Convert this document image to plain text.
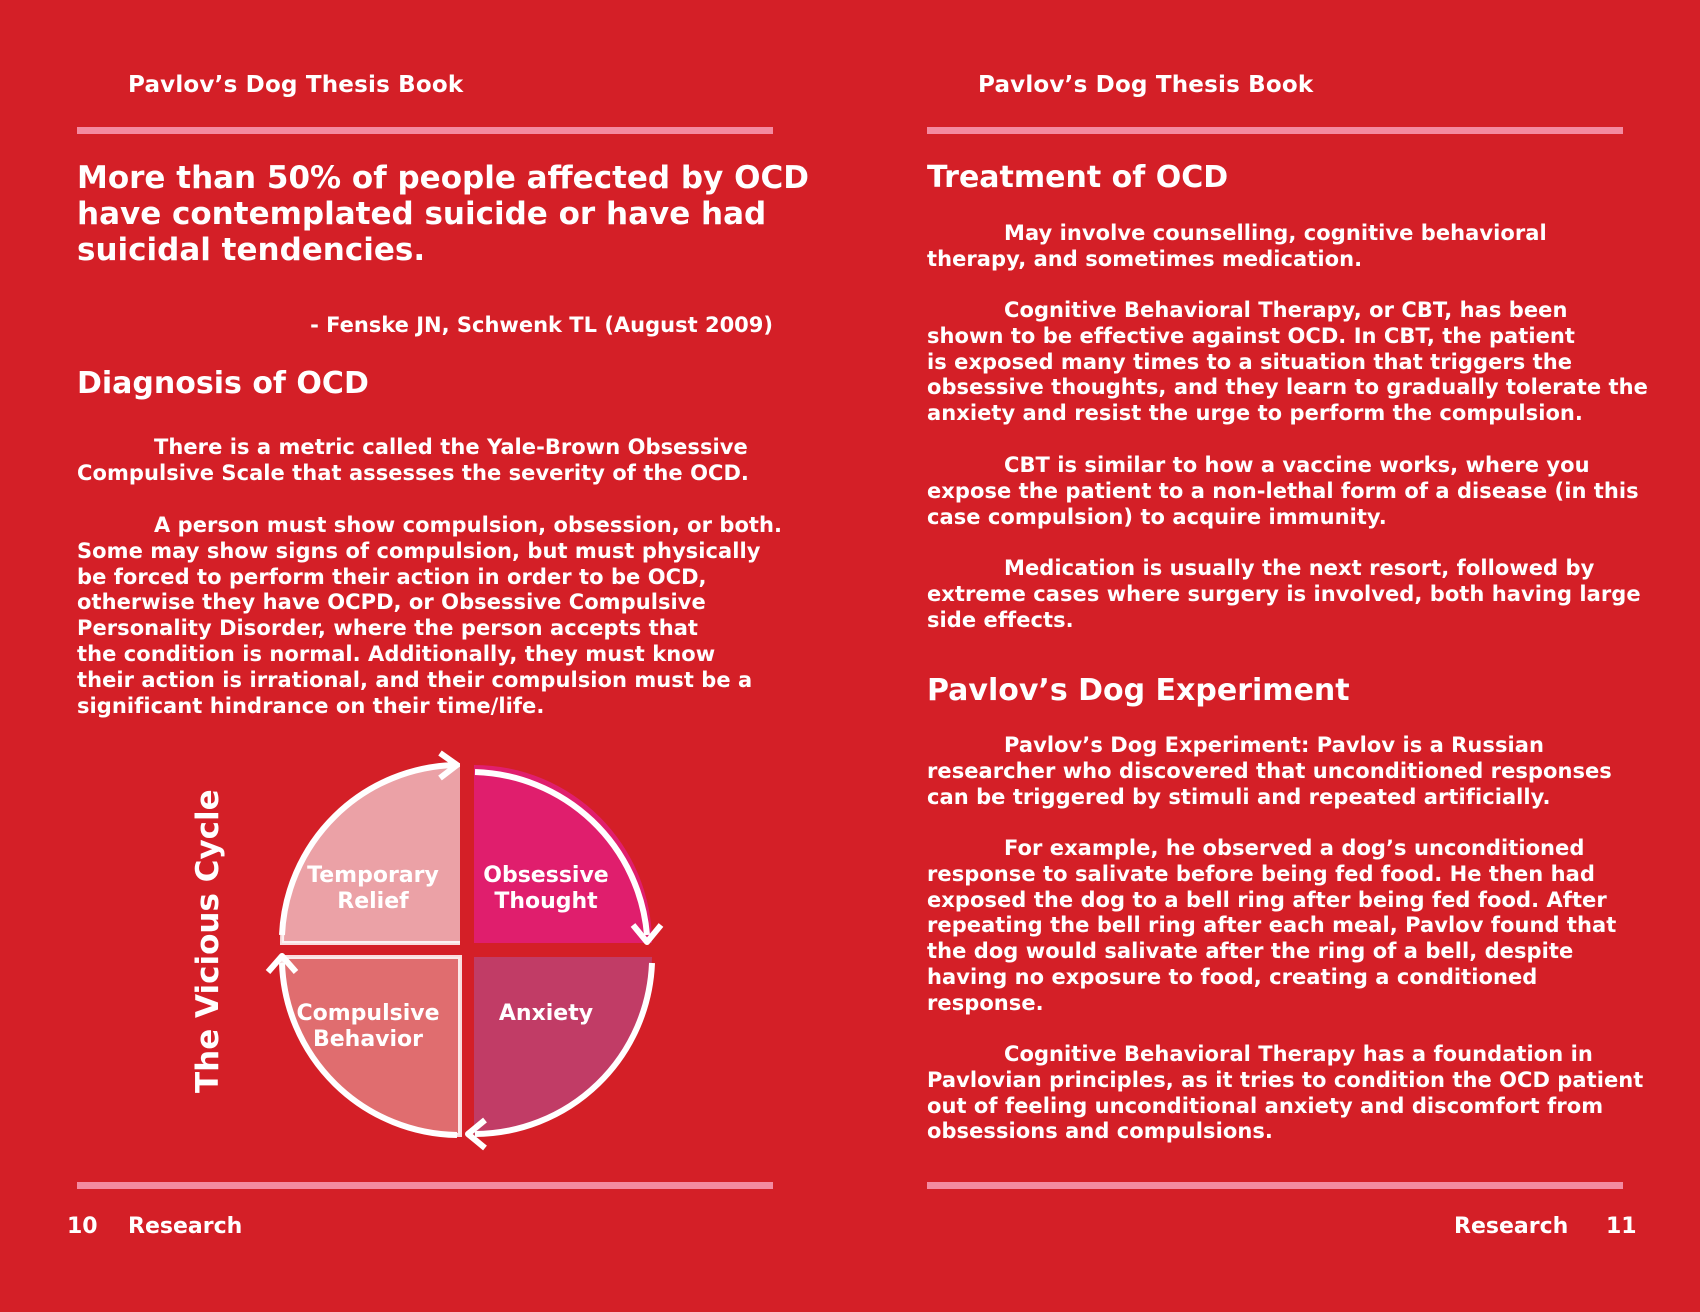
Pavlov’s Dog Thesis Book

More than 50% of people affected by OCD
have contemplated suicide or have had
suicidal tendencies.

- Fenske JN, Schwenk TL (August 2009)
Diagnosis of OCD

There is a metric called the Yale-Brown Obsessive
Compulsive Scale that assesses the severity of the OCD.

A person must show compulsion, obsession, or both.
Some may show signs of compulsion, but must physically
be forced to perform their action in order to be OCD,
otherwise they have OCPD, or Obsessive Compulsive
Personality Disorder, where the person accepts that
the condition is normal. Additionally, they must know
their action is irrational, and their compulsion must be a
significant hindrance on their time/life.

The Vicious Cycle	Temporary
Relief
Obsessive
Thought
Anxiety
Compulsive
Behavior
10 Research
Pavlov’s Dog Thesis Book
Treatment of OCD

May involve counselling, cognitive behavioral
therapy, and sometimes medication.

Cognitive Behavioral Therapy, or CBT, has been
shown to be effective against OCD. In CBT, the patient
is exposed many times to a situation that triggers the
obsessive thoughts, and they learn to gradually tolerate the
anxiety and resist the urge to perform the compulsion.

CBT is similar to how a vaccine works, where you
expose the patient to a non-lethal form of a disease (in this
case compulsion) to acquire immunity.

Medication is usually the next resort, followed by
extreme cases where surgery is involved, both having large
side effects.

Pavlov’s Dog Experiment

Pavlov’s Dog Experiment: Pavlov is a Russian
researcher who discovered that unconditioned responses
can be triggered by stimuli and repeated artificially.

For example, he observed a dog’s unconditioned
response to salivate before being fed food. He then had
exposed the dog to a bell ring after being fed food. After
repeating the bell ring after each meal, Pavlov found that
the dog would salivate after the ring of a bell, despite
having no exposure to food, creating a conditioned
response.

Cognitive Behavioral Therapy has a foundation in
Pavlovian principles, as it tries to condition the OCD patient
out of feeling unconditional anxiety and discomfort from
obsessions and compulsions.

Research 11
